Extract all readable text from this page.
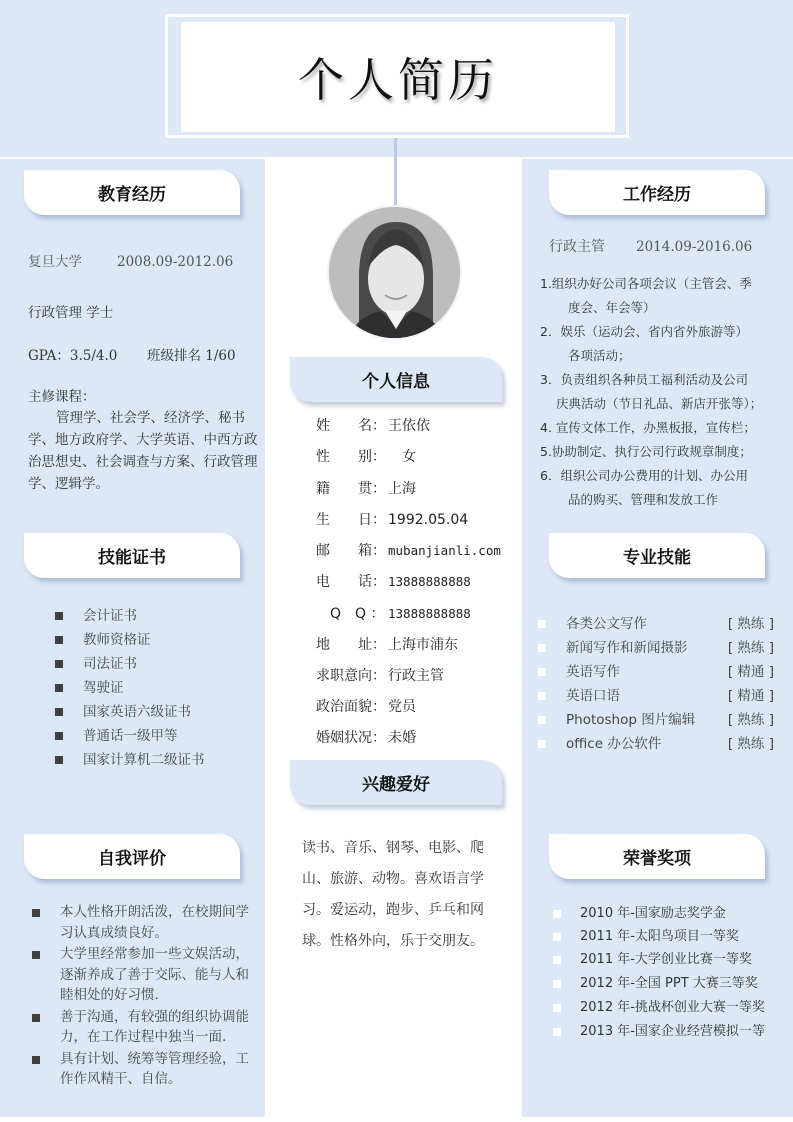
个人简历
教育经历
复旦大学	2008.09-2012.06
行政管理 学士
GPA：3.5/4.0 班级排名 1/60
主修课程：
管理学、社会学、经济学、秘书学、地方政府学、大学英语、中西方政治思想史、社会调查与方案、行政管理学、逻辑学。
技能证书
会计证书
教师资格证
司法证书
驾驶证
国家英语六级证书
普通话一级甲等
国家计算机二级证书
自我评价
本人性格开朗活泼，在校期间学习认真成绩良好。
大学里经常参加一些文娱活动，逐渐养成了善于交际、能与人和睦相处的好习惯.
善于沟通，有较强的组织协调能力，在工作过程中独当一面.
具有计划、统筹等管理经验，工作作风精干、自信。
个人信息
姓　　名： 王依依
性　　别：　女
籍　　贯： 上海
生　　日： 1992.05.04
邮　　箱： mubanjianli.com
电　　话： 13888888888
　Q　Q ： 13888888888
地　　址： 上海市浦东
求职意向： 行政主管
政治面貌： 党员
婚姻状况： 未婚
兴趣爱好
读书、音乐、钢琴、电影、爬山、旅游、动物。喜欢语言学习。爱运动，跑步、乒乓和网球。性格外向，乐于交朋友。
工作经历
行政主管 2014.09-2016.06
1.组织办好公司各项会议（主管会、季
度会、年会等）
2．娱乐（运动会、省内省外旅游等）
各项活动；
3．负责组织各种员工福利活动及公司
庆典活动（节日礼品、新店开张等）；
4. 宣传文体工作，办黑板报，宣传栏；
5.协助制定、执行公司行政规章制度；
6．组织公司办公费用的计划、办公用
品的购买、管理和发放工作
专业技能
各类公文写作	[ 熟练 ]
新闻写作和新闻摄影	[ 熟练 ]
英语写作	[ 精通 ]
英语口语	[ 精通 ]
Photoshop 图片编辑 [ 熟练 ]
office 办公软件	[ 熟练 ]
荣誉奖项
2010 年-国家励志奖学金
2011 年-太阳鸟项目一等奖
2011 年-大学创业比赛一等奖
2012 年-全国 PPT 大赛三等奖
2012 年-挑战杯创业大赛一等奖
2013 年-国家企业经营模拟一等
